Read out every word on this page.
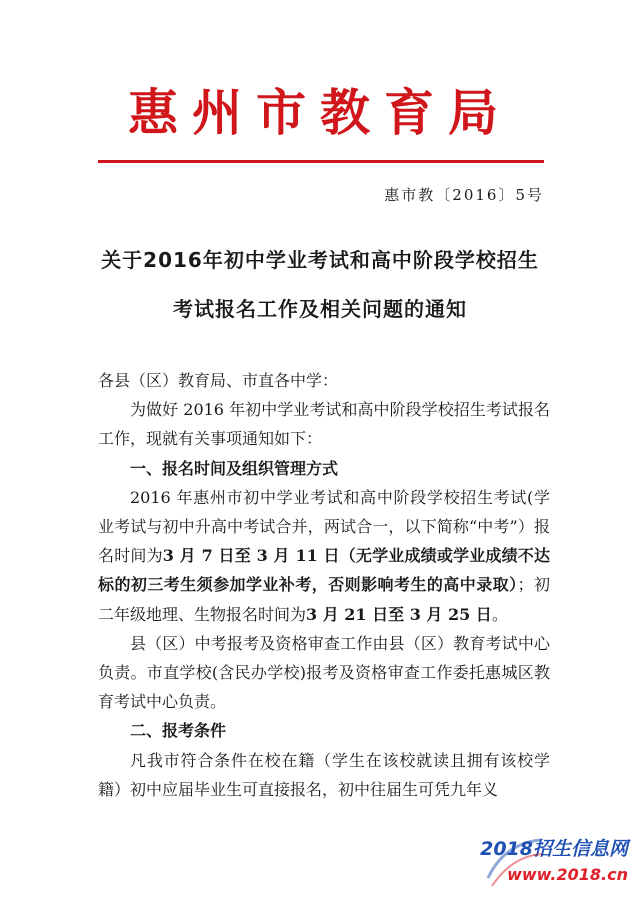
惠州市教育局
惠市教〔2016〕5号
关于2016年初中学业考试和高中阶段学校招生
考试报名工作及相关问题的通知

各县（区）教育局、市直各中学：

为做好 2016 年初中学业考试和高中阶段学校招生考试报名工作，现就有关事项通知如下：

一、报名时间及组织管理方式

2016 年惠州市初中学业考试和高中阶段学校招生考试(学业考试与初中升高中考试合并，两试合一，以下简称“中考”）报名时间为3 月 7 日至 3 月 11 日（无学业成绩或学业成绩不达标的初三考生须参加学业补考，否则影响考生的高中录取）；初二年级地理、生物报名时间为3 月 21 日至 3 月 25 日。

县（区）中考报考及资格审查工作由县（区）教育考试中心负责。市直学校(含民办学校)报考及资格审查工作委托惠城区教育考试中心负责。

二、报考条件

凡我市符合条件在校在籍（学生在该校就读且拥有该校学籍）初中应届毕业生可直接报名，初中往届生可凭九年义

2018招生信息网
www.2018.cn
